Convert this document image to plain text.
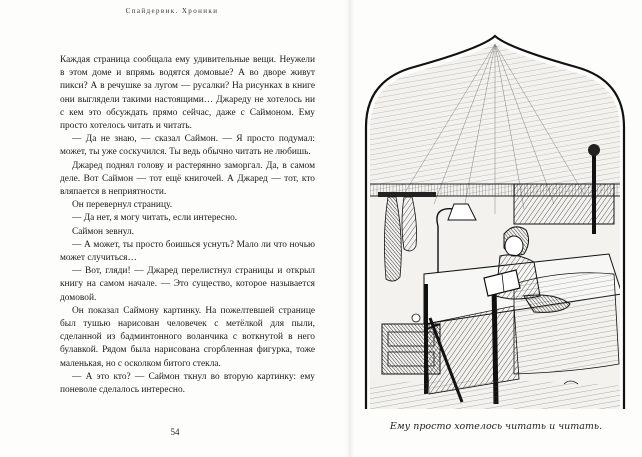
Спайдервик. Хроники

Каждая страница сообщала ему удивительные вещи. Неужели в этом доме и впрямь водятся домовые? А во дворе живут пикси? А в речушке за лугом — русалки? На рисунках в книге они выглядели такими настоящими… Джареду не хотелось ни с кем это обсуждать прямо сейчас, даже с Саймоном. Ему просто хотелось читать и читать.

— Да не знаю, — сказал Саймон. — Я просто подумал: может, ты уже соскучился. Ты ведь обычно читать не любишь.

Джаред поднял голову и растерянно заморгал. Да, в самом деле. Вот Саймон — тот ещё книгочей. А Джаред — тот, кто вляпается в неприятности.

Он перевернул страницу.

— Да нет, я могу читать, если интересно.

Саймон зевнул.

— А может, ты просто боишься уснуть? Мало ли что ночью может случиться…

— Вот, гляди! — Джаред перелистнул страницы и открыл книгу на самом начале. — Это существо, которое называется домовой.

Он показал Саймону картинку. На пожелтевшей странице был тушью нарисован человечек с метёлкой для пыли, сделанной из бадминтонного воланчика с воткнутой в него булавкой. Рядом была нарисована сгорбленная фигурка, тоже маленькая, но с осколком битого стекла.

— А это кто? — Саймон ткнул во вторую картинку: ему поневоле сделалось интересно.

54	Ему просто хотелось читать и читать.
